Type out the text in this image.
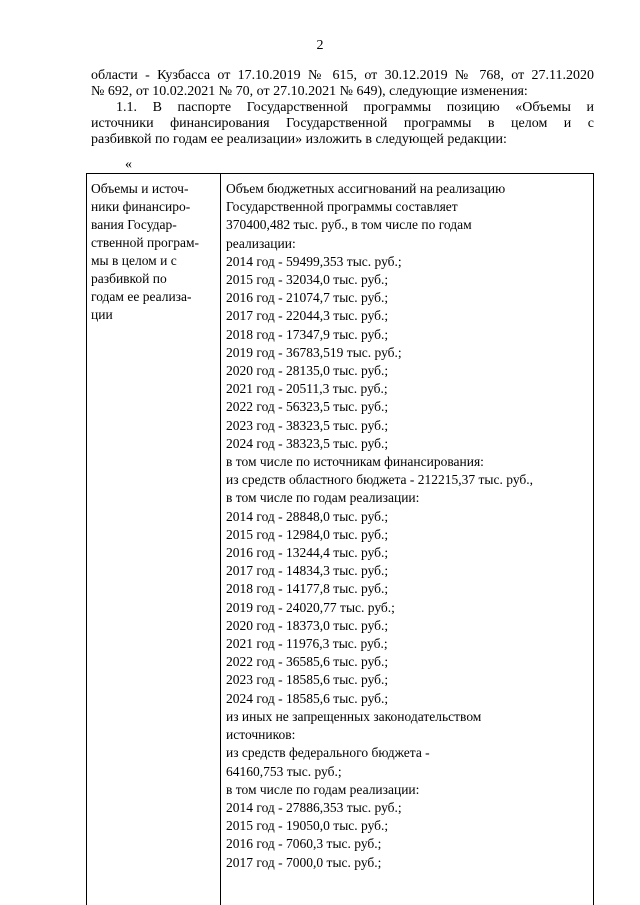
2

области - Кузбасса от 17.10.2019 № 615, от 30.12.2019 № 768, от 27.11.2020

№ 692, от 10.02.2021 № 70, от 27.10.2021 № 649), следующие изменения:

1.1. В паспорте Государственной программы позицию «Объемы и

источники финансирования Государственной программы в целом и с

разбивкой по годам ее реализации» изложить в следующей редакции:

«
Объемы и источ-
ники финансиро-
вания Государ-
ственной програм-
мы в целом и с
разбивкой по
годам ее реализа-
ции
Объем бюджетных ассигнований на реализацию
Государственной программы составляет
370400,482 тыс. руб., в том числе по годам
реализации:
2014 год - 59499,353 тыс. руб.;
2015 год - 32034,0 тыс. руб.;
2016 год - 21074,7 тыс. руб.;
2017 год - 22044,3 тыс. руб.;
2018 год - 17347,9 тыс. руб.;
2019 год - 36783,519 тыс. руб.;
2020 год - 28135,0 тыс. руб.;
2021 год - 20511,3 тыс. руб.;
2022 год - 56323,5 тыс. руб.;
2023 год - 38323,5 тыс. руб.;
2024 год - 38323,5 тыс. руб.;
в том числе по источникам финансирования:
из средств областного бюджета - 212215,37 тыс. руб.,
в том числе по годам реализации:
2014 год - 28848,0 тыс. руб.;
2015 год - 12984,0 тыс. руб.;
2016 год - 13244,4 тыс. руб.;
2017 год - 14834,3 тыс. руб.;
2018 год - 14177,8 тыс. руб.;
2019 год - 24020,77 тыс. руб.;
2020 год - 18373,0 тыс. руб.;
2021 год - 11976,3 тыс. руб.;
2022 год - 36585,6 тыс. руб.;
2023 год - 18585,6 тыс. руб.;
2024 год - 18585,6 тыс. руб.;
из иных не запрещенных законодательством
источников:
из средств федерального бюджета -
64160,753 тыс. руб.;
в том числе по годам реализации:
2014 год - 27886,353 тыс. руб.;
2015 год - 19050,0 тыс. руб.;
2016 год - 7060,3 тыс. руб.;
2017 год - 7000,0 тыс. руб.;
